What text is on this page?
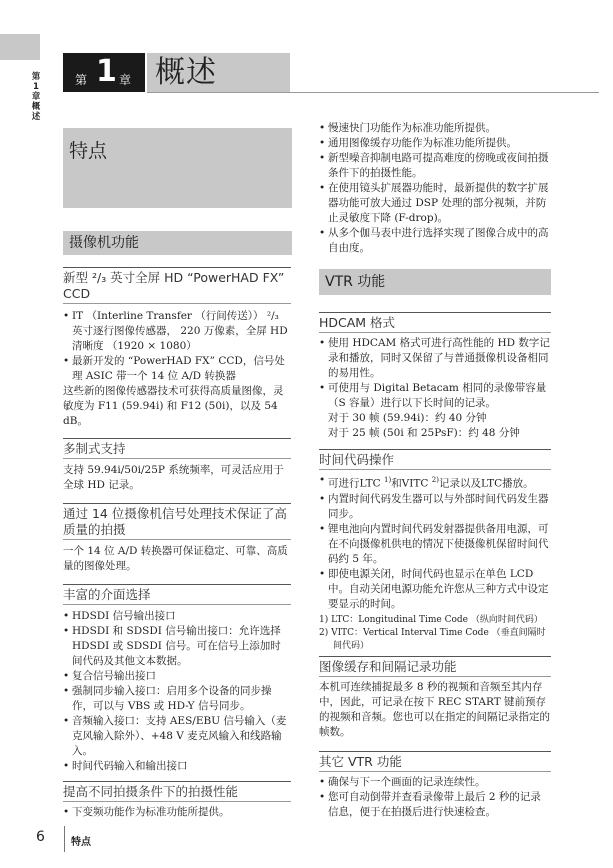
第
1
章
概
述
第 1 章 概述
特点
摄像机功能
新型 ²/₃ 英寸全屏 HD “PowerHAD FX” CCD
• IT （Interline Transfer （行间传送）） ²/₃ 英寸逐行图像传感器， 220 万像素，全屏 HD 清晰度 （1920 × 1080）
• 最新开发的 “PowerHAD FX” CCD，信号处理 ASIC 带一个 14 位 A/D 转换器
这些新的图像传感器技术可获得高质量图像，灵敏度为 F11 (59.94i) 和 F12 (50i)，以及 54 dB。
多制式支持
支持 59.94i/50i/25P 系统频率，可灵活应用于全球 HD 记录。
通过 14 位摄像机信号处理技术保证了高质量的拍摄
一个 14 位 A/D 转换器可保证稳定、可靠、高质量的图像处理。
丰富的介面选择
• HDSDI 信号输出接口
• HDSDI 和 SDSDI 信号输出接口：允许选择 HDSDI 或 SDSDI 信号。可在信号上添加时间代码及其他文本数据。
• 复合信号输出接口
• 强制同步输入接口：启用多个设备的同步操作，可以与 VBS 或 HD-Y 信号同步。
• 音频输入接口：支持 AES/EBU 信号输入（麦克风输入除外）、+48 V 麦克风输入和线路输入。
• 时间代码输入和输出接口
提高不同拍摄条件下的拍摄性能
• 下变频功能作为标准功能所提供。
• 慢速快门功能作为标准功能所提供。
• 通用图像缓存功能作为标准功能所提供。
• 新型噪音抑制电路可提高难度的傍晚或夜间拍摄条件下的拍摄性能。
• 在使用镜头扩展器功能时，最新提供的数字扩展器功能可放大通过 DSP 处理的部分视频，并防止灵敏度下降 (F-drop)。
• 从多个伽马表中进行选择实现了图像合成中的高自由度。
VTR 功能
HDCAM 格式
• 使用 HDCAM 格式可进行高性能的 HD 数字记录和播放，同时又保留了与普通摄像机设备相同的易用性。
• 可使用与 Digital Betacam 相同的录像带容量（S 容量）进行以下长时间的记录。
对于 30 帧 (59.94i)：约 40 分钟
对于 25 帧 (50i 和 25PsF)：约 48 分钟
时间代码操作
• 可进行LTC $^{1)}$和VITC $^{2)}$记录以及LTC播放。
• 内置时间代码发生器可以与外部时间代码发生器同步。
• 锂电池向内置时间代码发射器提供备用电源，可在不向摄像机供电的情况下使摄像机保留时间代码约 5 年。
• 即使电源关闭，时间代码也显示在单色 LCD 中。自动关闭电源功能允许您从三种方式中设定要显示的时间。
1) LTC：Longitudinal Time Code （纵向时间代码）
2) VITC：Vertical Interval Time Code （垂直间隔时间代码）
图像缓存和间隔记录功能
本机可连续捕捉最多 8 秒的视频和音频至其内存中，因此，可记录在按下 REC START 键前预存的视频和音频。您也可以在指定的间隔记录指定的帧数。
其它 VTR 功能
• 确保与下一个画面的记录连续性。
• 您可自动倒带并查看录像带上最后 2 秒的记录信息，便于在拍摄后进行快速检查。
6	特点
